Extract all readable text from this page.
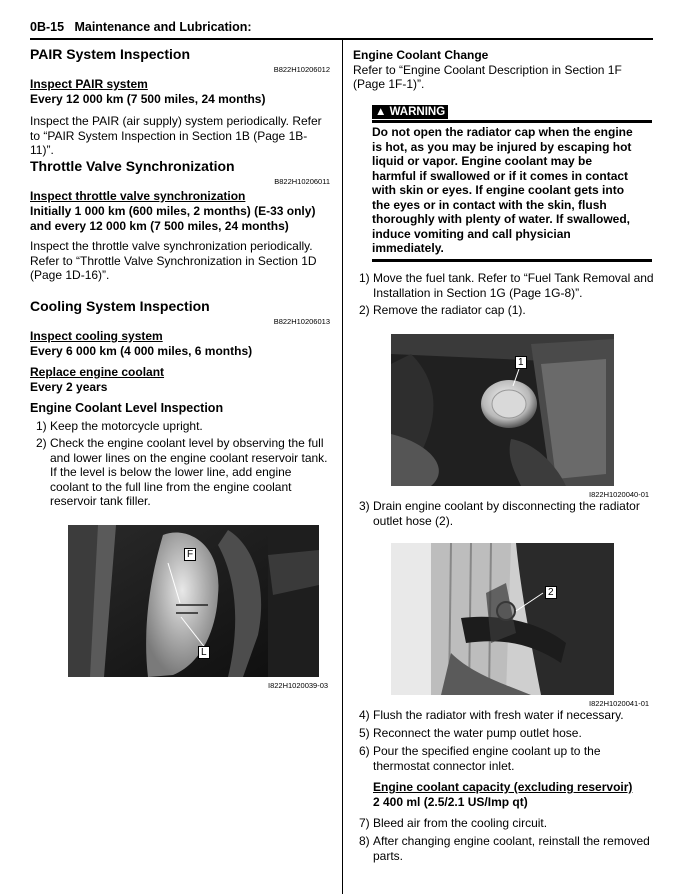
0B-15   Maintenance and Lubrication:
PAIR System Inspection
B822H10206012
Inspect PAIR system
Every 12 000 km (7 500 miles, 24 months)
Inspect the PAIR (air supply) system periodically. Refer
to “PAIR System Inspection in Section 1B (Page 1B-11)”.
Throttle Valve Synchronization
B822H10206011
Inspect throttle valve synchronization
Initially 1 000 km (600 miles, 2 months) (E-33 only)
and every 12 000 km (7 500 miles, 24 months)
Inspect the throttle valve synchronization periodically.
Refer to “Throttle Valve Synchronization in Section 1D
(Page 1D-16)”.
Cooling System Inspection
B822H10206013
Inspect cooling system
Every 6 000 km (4 000 miles, 6 months)
Replace engine coolant
Every 2 years
Engine Coolant Level Inspection
1) Keep the motorcycle upright.
2) Check the engine coolant level by observing the full
and lower lines on the engine coolant reservoir tank.
If the level is below the lower line, add engine
coolant to the full line from the engine coolant
reservoir tank filler.
F
L
I822H1020039-03
Engine Coolant Change
Refer to “Engine Coolant Description in Section 1F
(Page 1F-1)”.
▲ WARNING
Do not open the radiator cap when the engine
is hot, as you may be injured by escaping hot
liquid or vapor. Engine coolant may be
harmful if swallowed or if it comes in contact
with skin or eyes. If engine coolant gets into
the eyes or in contact with the skin, flush
thoroughly with plenty of water. If swallowed,
induce vomiting and call physician
immediately.
1) Move the fuel tank. Refer to “Fuel Tank Removal and
Installation in Section 1G (Page 1G-8)”.
2) Remove the radiator cap (1).
1
I822H1020040-01
3) Drain engine coolant by disconnecting the radiator
outlet hose (2).
2
I822H1020041-01
4) Flush the radiator with fresh water if necessary.
5) Reconnect the water pump outlet hose.
6) Pour the specified engine coolant up to the
thermostat connector inlet.
Engine coolant capacity (excluding reservoir)
2 400 ml (2.5/2.1 US/Imp qt)
7) Bleed air from the cooling circuit.
8) After changing engine coolant, reinstall the removed
parts.
